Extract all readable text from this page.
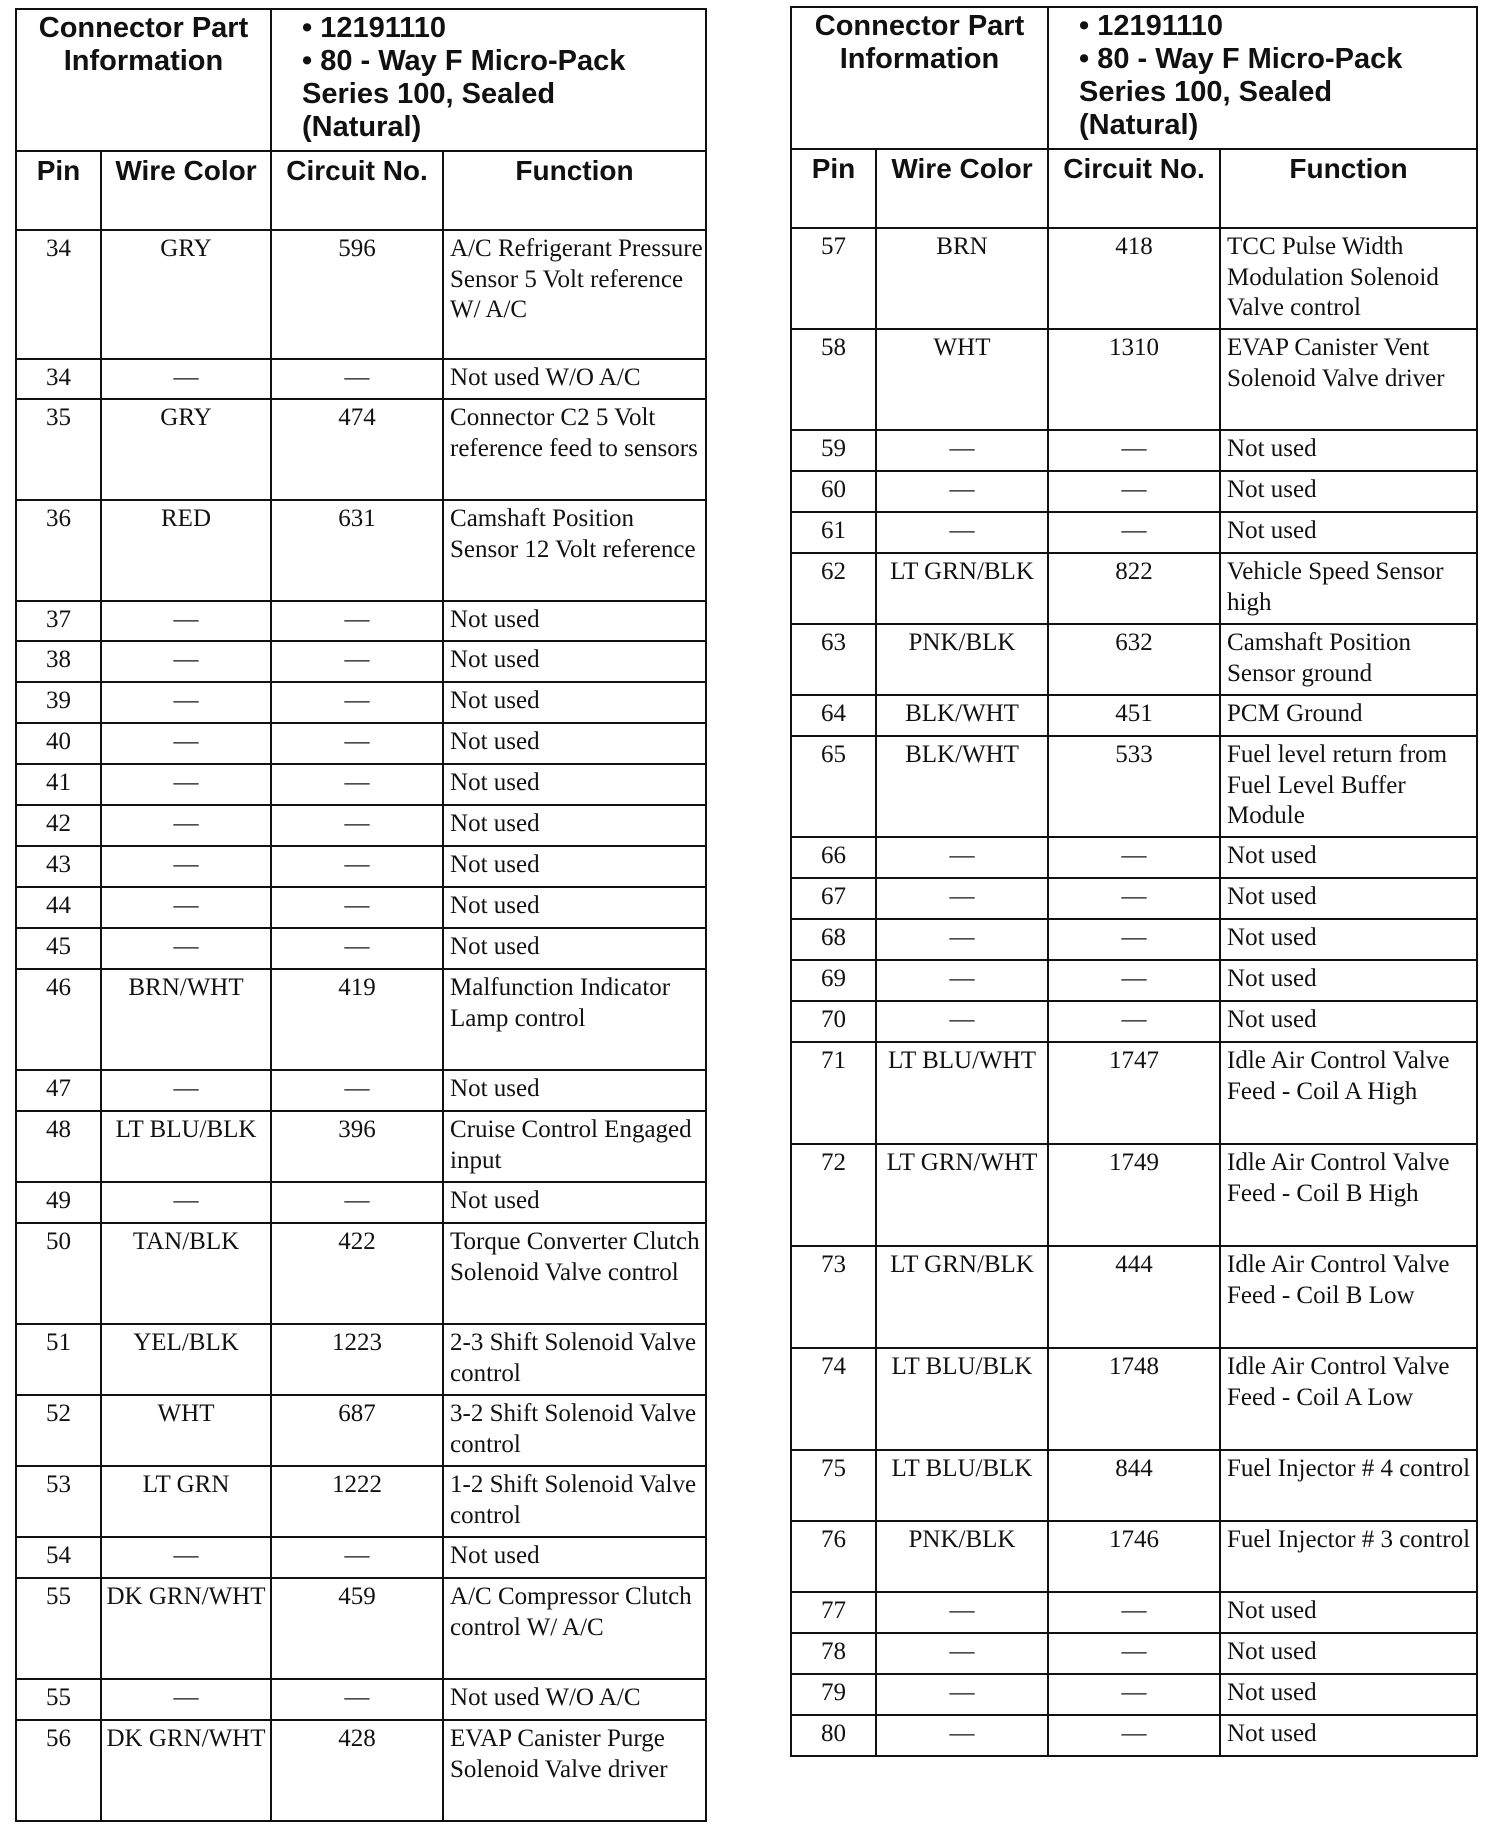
Connector Part Information		• 12191110
• 80 - Way F Micro-Pack
Series 100, Sealed
(Natural)	

Pin	Wire Color	Circuit No.	Function
34	GRY	596	A/C Refrigerant Pressure Sensor 5 Volt reference W/ A/C
34	—	—	Not used W/O A/C
35	GRY	474	Connector C2 5 Volt reference feed to sensors
36	RED	631	Camshaft Position Sensor 12 Volt reference
37	—	—	Not used
38	—	—	Not used
39	—	—	Not used
40	—	—	Not used
41	—	—	Not used
42	—	—	Not used
43	—	—	Not used
44	—	—	Not used
45	—	—	Not used
46	BRN/WHT	419	Malfunction Indicator Lamp control
47	—	—	Not used
48	LT BLU/BLK	396	Cruise Control Engaged input
49	—	—	Not used
50	TAN/BLK	422	Torque Converter Clutch Solenoid Valve control
51	YEL/BLK	1223	2-3 Shift Solenoid Valve control
52	WHT	687	3-2 Shift Solenoid Valve control
53	LT GRN	1222	1-2 Shift Solenoid Valve control
54	—	—	Not used
55	DK GRN/WHT	459	A/C Compressor Clutch control W/ A/C
55	—	—	Not used W/O A/C
56	DK GRN/WHT	428	EVAP Canister Purge Solenoid Valve driver
Connector Part Information		• 12191110
• 80 - Way F Micro-Pack
Series 100, Sealed
(Natural)	

Pin	Wire Color	Circuit No.	Function
57	BRN	418	TCC Pulse Width Modulation Solenoid Valve control
58	WHT	1310	EVAP Canister Vent Solenoid Valve driver
59	—	—	Not used
60	—	—	Not used
61	—	—	Not used
62	LT GRN/BLK	822	Vehicle Speed Sensor high
63	PNK/BLK	632	Camshaft Position Sensor ground
64	BLK/WHT	451	PCM Ground
65	BLK/WHT	533	Fuel level return from Fuel Level Buffer Module
66	—	—	Not used
67	—	—	Not used
68	—	—	Not used
69	—	—	Not used
70	—	—	Not used
71	LT BLU/WHT	1747	Idle Air Control Valve Feed - Coil A High
72	LT GRN/WHT	1749	Idle Air Control Valve Feed - Coil B High
73	LT GRN/BLK	444	Idle Air Control Valve Feed - Coil B Low
74	LT BLU/BLK	1748	Idle Air Control Valve Feed - Coil A Low
75	LT BLU/BLK	844	Fuel Injector # 4 control
76	PNK/BLK	1746	Fuel Injector # 3 control
77	—	—	Not used
78	—	—	Not used
79	—	—	Not used
80	—	—	Not used
